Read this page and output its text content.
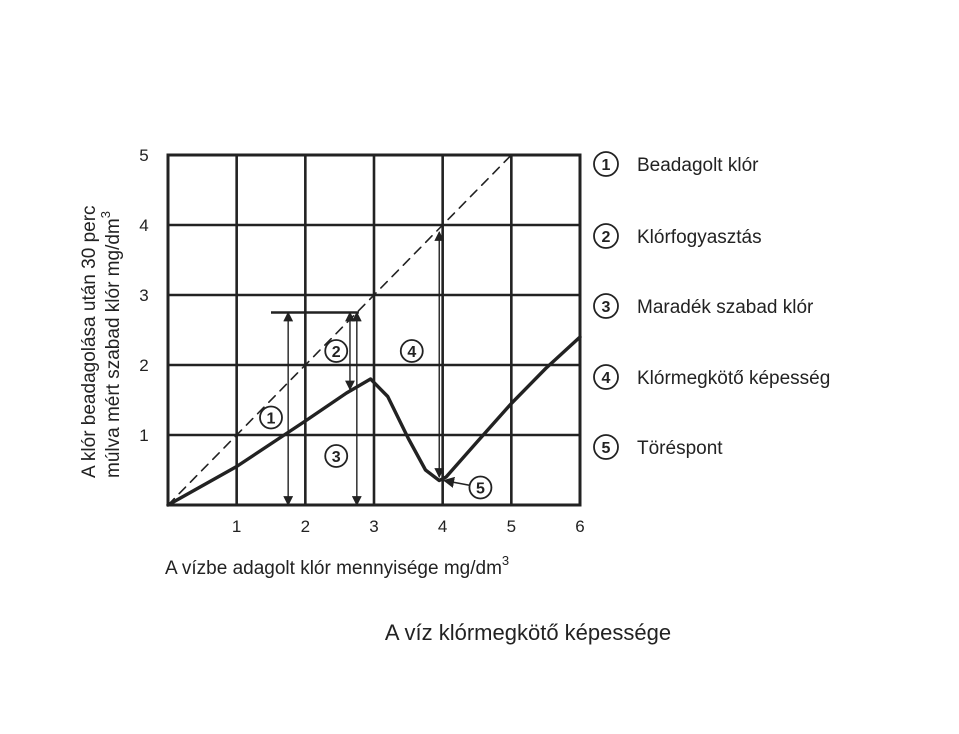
1
2
3
4
5
1	2	3	4	5	6
1
2
3
4
5
A vízbe adagolt klór mennyisége $mg/dm^3$
A klór beadagolása után 30 perc múlva mért szabad klór $mg/dm^3$
1 Beadagolt klór
2 Klórfogyasztás
3 Maradék szabad klór
4 Klórmegkötő képesség
5 Töréspont
A víz klórmegkötő képessége
